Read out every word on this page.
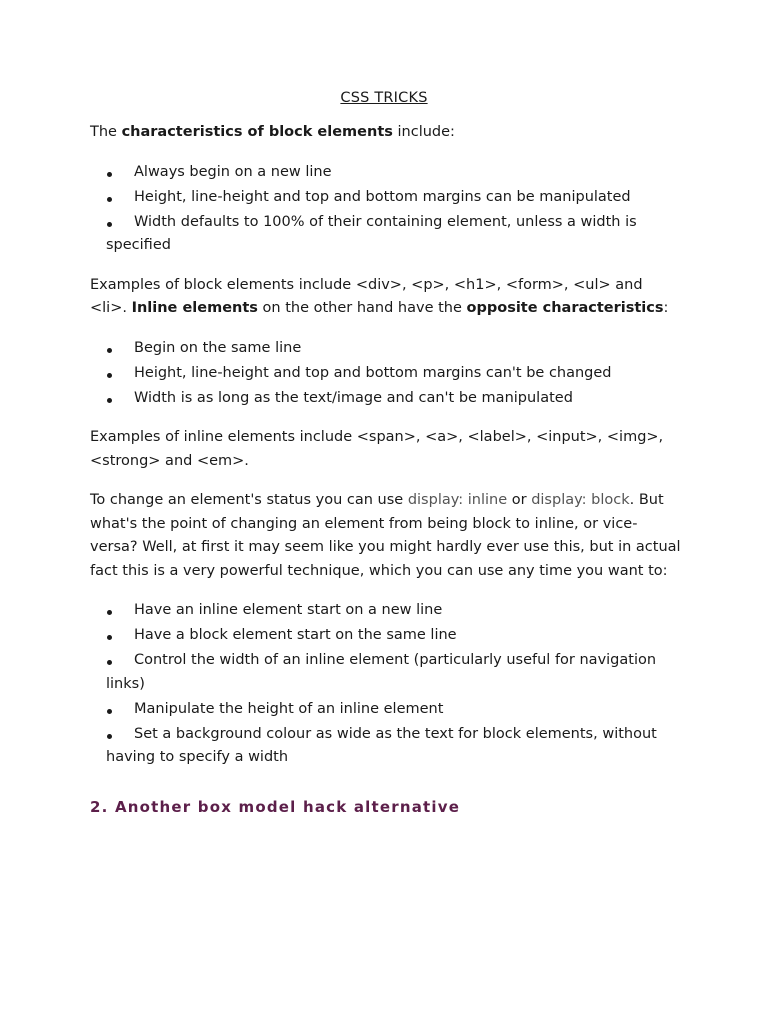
CSS TRICKS

The characteristics of block elements include:

Always begin on a new line
Height, line-height and top and bottom margins can be manipulated
Width defaults to 100% of their containing element, unless a width is specified

Examples of block elements include <div>, <p>, <h1>, <form>, <ul> and <li>. Inline elements on the other hand have the opposite characteristics:

Begin on the same line
Height, line-height and top and bottom margins can't be changed
Width is as long as the text/image and can't be manipulated

Examples of inline elements include <span>, <a>, <label>, <input>, <img>, <strong> and <em>.

To change an element's status you can use display: inline or display: block. But what's the point of changing an element from being block to inline, or vice-versa? Well, at first it may seem like you might hardly ever use this, but in actual fact this is a very powerful technique, which you can use any time you want to:

Have an inline element start on a new line
Have a block element start on the same line
Control the width of an inline element (particularly useful for navigation links)
Manipulate the height of an inline element
Set a background colour as wide as the text for block elements, without having to specify a width
2. Another box model hack alternative
